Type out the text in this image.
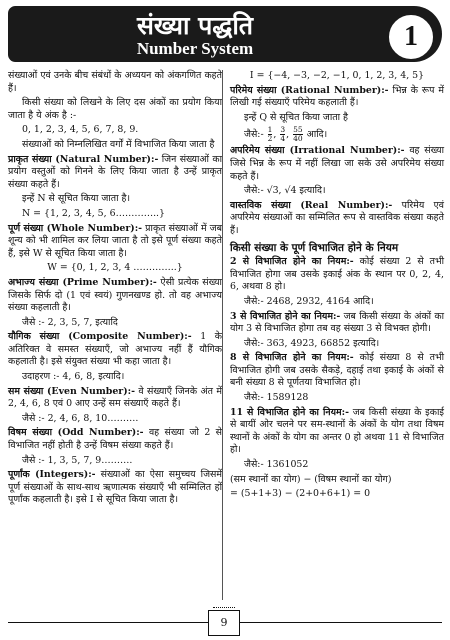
संख्या पद्धति
Number System	1

संख्याओं एवं उनके बीच संबंधों के अध्ययन को अंकगणित कहते हैं।

किसी संख्या को लिखने के लिए दस अंकों का प्रयोग किया जाता है ये अंक है :-

0, 1, 2, 3, 4, 5, 6, 7, 8, 9.

संख्याओं को निम्नलिखित वर्गों में विभाजित किया जाता है

प्राकृत संख्या (Natural Number):- जिन संख्याओं का प्रयोग वस्तुओं को गिनने के लिए किया जाता है उन्हें प्राकृत संख्या कहते हैं।

इन्हें N से सूचित किया जाता है।

N = {1, 2, 3, 4, 5, 6…………..}

पूर्ण संख्या (Whole Number):- प्राकृत संख्याओं में जब शून्य को भी शामिल कर लिया जाता है तो इसे पूर्ण संख्या कहते हैं, इसे W से सूचित किया जाता है।

W = {0, 1, 2, 3, 4 …………..}

अभाज्य संख्या (Prime Number):- ऐसी प्रत्येक संख्या जिसके सिर्फ दो (1 एवं स्वयं) गुणनखण्ड हो. तो वह अभाज्य संख्या कहलाती है।

जैसे :- 2, 3, 5, 7, इत्यादि

यौगिक संख्या (Composite Number):- 1 के अतिरिक्त वे समस्त संख्याएँ, जो अभाज्य नहीं हैं यौगिक कहलाती है। इसे संयुक्त संख्या भी कहा जाता है।

उदाहरण :- 4, 6, 8, इत्यादि।

सम संख्या (Even Number):- वे संख्याएँ जिनके अंत में 2, 4, 6, 8 एवं 0 आए उन्हें सम संख्याएँ कहते हैं।

जैसे :- 2, 4, 6, 8, 10……….

विषम संख्या (Odd Number):- वह संख्या जो 2 से विभाजित नहीं होती है उन्हें विषम संख्या कहते हैं।

जैसे :- 1, 3, 5, 7, 9……….

पूर्णांक (Integers):- संख्याओं का ऐसा समुच्चय जिसमें पूर्ण संख्याओं के साथ-साथ ऋणात्मक संख्याएँ भी सम्मिलित हों पूर्णांक कहलाती है। इसे I से सूचित किया जाता है।

I = {−4, −3, −2, −1, 0, 1, 2, 3, 4, 5}

परिमेय संख्या (Rational Number):- भिन्न के रूप में लिखी गई संख्याएँ परिमेय कहलाती हैं।

इन्हें Q से सूचित किया जाता है

जैसे:- $\frac{1}{2}$ , $\frac{3}{4}$ , $\frac{55}{40}$ आदि।

अपरिमेय संख्या (Irrational Number):- वह संख्या जिसे भिन्न के रूप में नहीं लिखा जा सके उसे अपरिमेय संख्या कहते हैं।

जैसे:- √3, √4 इत्यादि।

वास्तविक संख्या (Real Number):- परिमेय एवं अपरिमेय संख्याओं का सम्मिलित रूप से वास्तविक संख्या कहते हैं।

किसी संख्या के पूर्ण विभाजित होने के नियम

2 से विभाजित होने का नियम:- कोई संख्या 2 से तभी विभाजित होगा जब उसके इकाई अंक के स्थान पर 0, 2, 4, 6, अथवा 8 हो।

जैसे:- 2468, 2932, 4164 आदि।

3 से विभाजित होने का नियम:- जब किसी संख्या के अंकों का योग 3 से विभाजित होगा तब वह संख्या 3 से विभक्त होगी।

जैसे:- 363, 4923, 66852 इत्यादि।

8 से विभाजित होने का नियम:- कोई संख्या 8 से तभी विभाजित होगी जब उसके सैकड़े, दहाई तथा इकाई के अंकों से बनी संख्या 8 से पूर्णतया विभाजित हो।

जैसे:- 1589128

11 से विभाजित होने का नियम:- जब किसी संख्या के इकाई से बायीं ओर चलने पर सम-स्थानों के अंकों के योग तथा विषम स्थानों के अंकों के योग का अन्तर 0 हो अथवा 11 से विभाजित हो।

जैसे:- 1361052

(सम स्थानों का योग) − (विषम स्थानों का योग)

= (5+1+3) − (2+0+6+1) = 0

9
